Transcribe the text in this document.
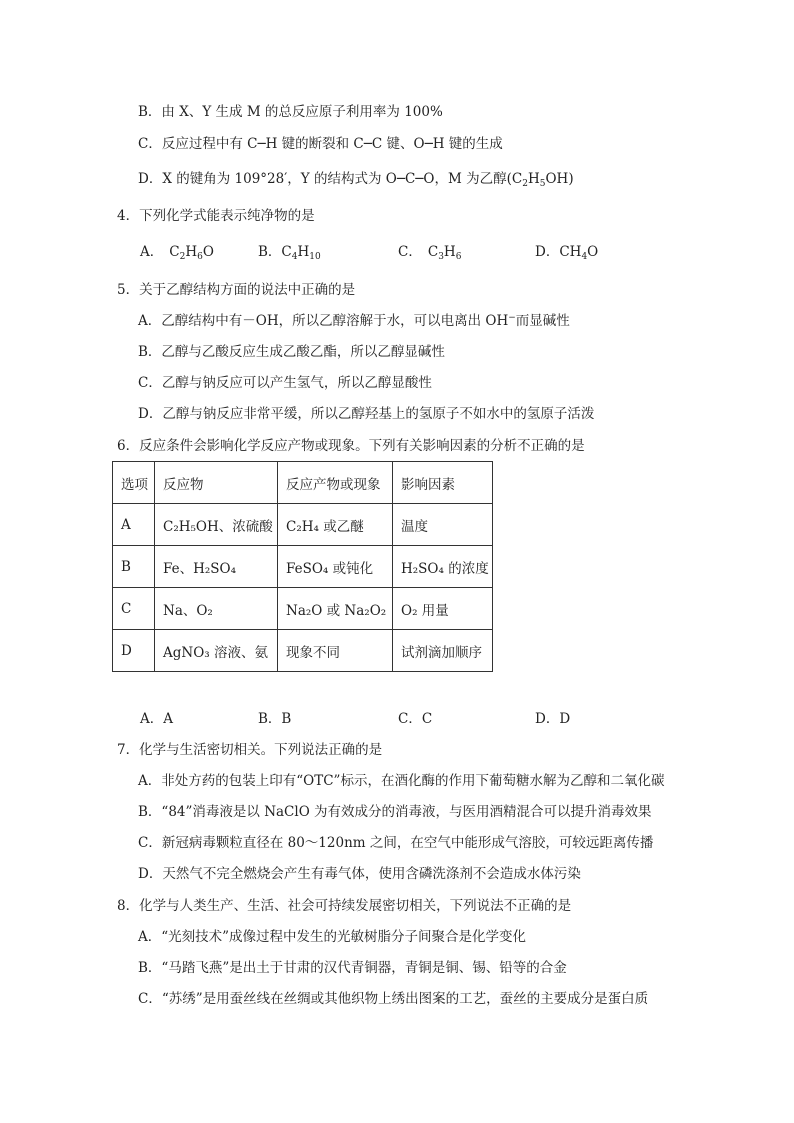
B．由 X、Y 生成 M 的总反应原子利用率为 100%
C．反应过程中有 C─H 键的断裂和 C─C 键、O─H 键的生成
D．X 的键角为 109°28′，Y 的结构式为 O─C─O，M 为乙醇$(C_2H_5OH)$
4．下列化学式能表示纯净物的是
A． $C_2H_6O$	B．$C_4H_{10}$	C． $C_3H_6$	D．$CH_4O$
5．关于乙醇结构方面的说法中正确的是
A．乙醇结构中有－OH，所以乙醇溶解于水，可以电离出 OH−而显碱性
B．乙醇与乙酸反应生成乙酸乙酯，所以乙醇显碱性
C．乙醇与钠反应可以产生氢气，所以乙醇显酸性
D．乙醇与钠反应非常平缓，所以乙醇羟基上的氢原子不如水中的氢原子活泼
6．反应条件会影响化学反应产物或现象。下列有关影响因素的分析不正确的是
选项	反应物	反应产物或现象	影响因素
A	C₂H₅OH、浓硫酸	C₂H₄ 或乙醚	温度
B	Fe、H₂SO₄	FeSO₄ 或钝化	H₂SO₄ 的浓度
C	Na、O₂	Na₂O 或 Na₂O₂	O₂ 用量
D	AgNO₃ 溶液、氨	现象不同	试剂滴加顺序
A．A	B．B	C．C	D．D
7．化学与生活密切相关。下列说法正确的是
A．非处方药的包装上印有“OTC”标示，在酒化酶的作用下葡萄糖水解为乙醇和二氧化碳
B．“84”消毒液是以 NaClO 为有效成分的消毒液，与医用酒精混合可以提升消毒效果
C．新冠病毒颗粒直径在 80～120nm 之间，在空气中能形成气溶胶，可较远距离传播
D．天然气不完全燃烧会产生有毒气体，使用含磷洗涤剂不会造成水体污染
8．化学与人类生产、生活、社会可持续发展密切相关，下列说法不正确的是
A．“光刻技术”成像过程中发生的光敏树脂分子间聚合是化学变化
B．“马踏飞燕”是出土于甘肃的汉代青铜器，青铜是铜、锡、铅等的合金
C．“苏绣”是用蚕丝线在丝绸或其他织物上绣出图案的工艺，蚕丝的主要成分是蛋白质
